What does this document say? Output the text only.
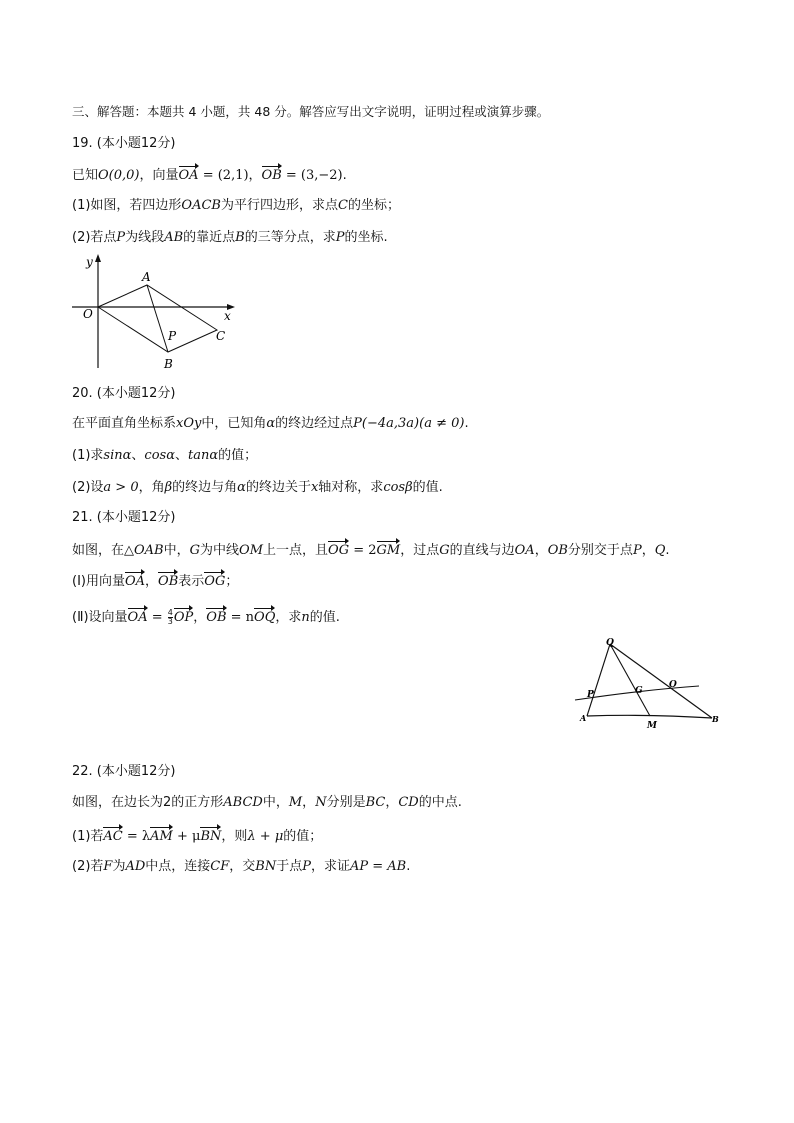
三、解答题：本题共 4 小题，共 48 分。解答应写出文字说明，证明过程或演算步骤。
19. (本小题12分)
已知O(0,0)，向量OA = (2,1)，OB = (3,−2).
(1)如图，若四边形OACB为平行四边形，求点C的坐标；
(2)若点P为线段AB的靠近点B的三等分点，求P的坐标.
y
x
O
A
P	C
B
20. (本小题12分)
在平面直角坐标系xOy中，已知角α的终边经过点P(−4a,3a)(a ≠ 0).
(1)求sinα、cosα、tanα的值；
(2)设a > 0，角β的终边与角α的终边关于x轴对称，求cosβ的值.
21. (本小题12分)
如图，在△OAB中，G为中线OM上一点，且OG = 2GM，过点G的直线与边OA，OB分别交于点P，Q.
(Ⅰ)用向量OA，OB表示OG；
(Ⅱ)设向量OA = $\frac{4}{3}$ OP，OB = nOQ，求n的值.
Q
G
O
P
A
M
B
22. (本小题12分)
如图，在边长为2的正方形ABCD中，M，N分别是BC，CD的中点.
(1)若AC = λAM + μBN，则λ + μ的值；
(2)若F为AD中点，连接CF，交BN于点P，求证AP = AB.
